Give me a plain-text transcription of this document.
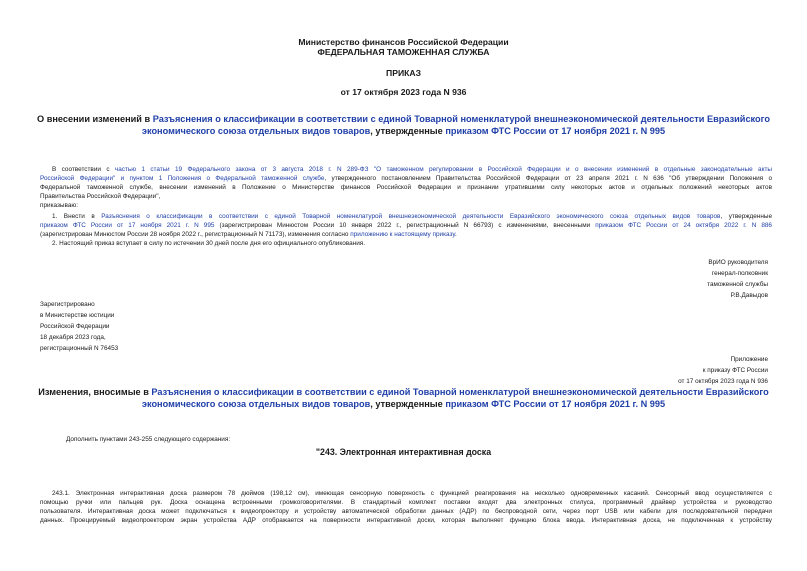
Министерство финансов Российской Федерации
ФЕДЕРАЛЬНАЯ ТАМОЖЕННАЯ СЛУЖБА
ПРИКАЗ
от 17 октября 2023 года N 936
О внесении изменений в Разъяснения о классификации в соответствии с единой Товарной номенклатурой внешнеэкономической деятельности Евразийского
экономического союза отдельных видов товаров, утвержденные приказом ФТС России от 17 ноября 2021 г. N 995
В соответствии с частью 1 статьи 19 Федерального закона от 3 августа 2018 г. N 289-ФЗ "О таможенном регулировании в Российской Федерации и о внесении изменений в отдельные законодательные акты
Российской Федерации" и пунктом 1 Положения о Федеральной таможенной службе, утвержденного постановлением Правительства Российской Федерации от 23 апреля 2021 г. N 636 "Об утверждении Положения о
Федеральной таможенной службе, внесении изменений в Положение о Министерстве финансов Российской Федерации и признании утратившими силу некоторых актов и отдельных положений некоторых актов
Правительства Российской Федерации",
приказываю:
1. Внести в Разъяснения о классификации в соответствии с единой Товарной номенклатурой внешнеэкономической деятельности Евразийского экономического союза отдельных видов товаров, утвержденные
приказом ФТС России от 17 ноября 2021 г. N 995 (зарегистрирован Минюстом России 10 января 2022 г., регистрационный N 66793) с изменениями, внесенными приказом ФТС России от 24 октября 2022 г. N 886
(зарегистрирован Минюстом России 28 ноября 2022 г., регистрационный N 71173), изменения согласно приложению к настоящему приказу.
2. Настоящий приказ вступает в силу по истечении 30 дней после дня его официального опубликования.
ВрИО руководителя
генерал-полковник
таможенной службы
Р.В.Давыдов
Зарегистрировано
в Министерстве юстиции
Российской Федерации
18 декабря 2023 года,
регистрационный N 76453
Приложение
к приказу ФТС России
от 17 октября 2023 года N 936
Изменения, вносимые в Разъяснения о классификации в соответствии с единой Товарной номенклатурой внешнеэкономической деятельности Евразийского
экономического союза отдельных видов товаров, утвержденные приказом ФТС России от 17 ноября 2021 г. N 995
Дополнить пунктами 243-255 следующего содержания:
"243. Электронная интерактивная доска
243.1. Электронная интерактивная доска размером 78 дюймов (198,12 см), имеющая сенсорную поверхность с функцией реагирования на несколько одновременных касаний. Сенсорный ввод осуществляется с
помощью ручки или пальцев рук. Доска оснащена встроенными громкоговорителями. В стандартный комплект поставки входят два электронных стилуса, программный драйвер устройства и руководство
пользователя. Интерактивная доска может подключаться к видеопроектору и устройству автоматической обработки данных (АДР) по беспроводной сети, через порт USB или кабели для последовательной передачи
данных. Проецируемый видеопроектором экран устройства АДР отображается на поверхности интерактивной доски, которая выполняет функцию блока ввода. Интерактивная доска, не подключенная к устройству
